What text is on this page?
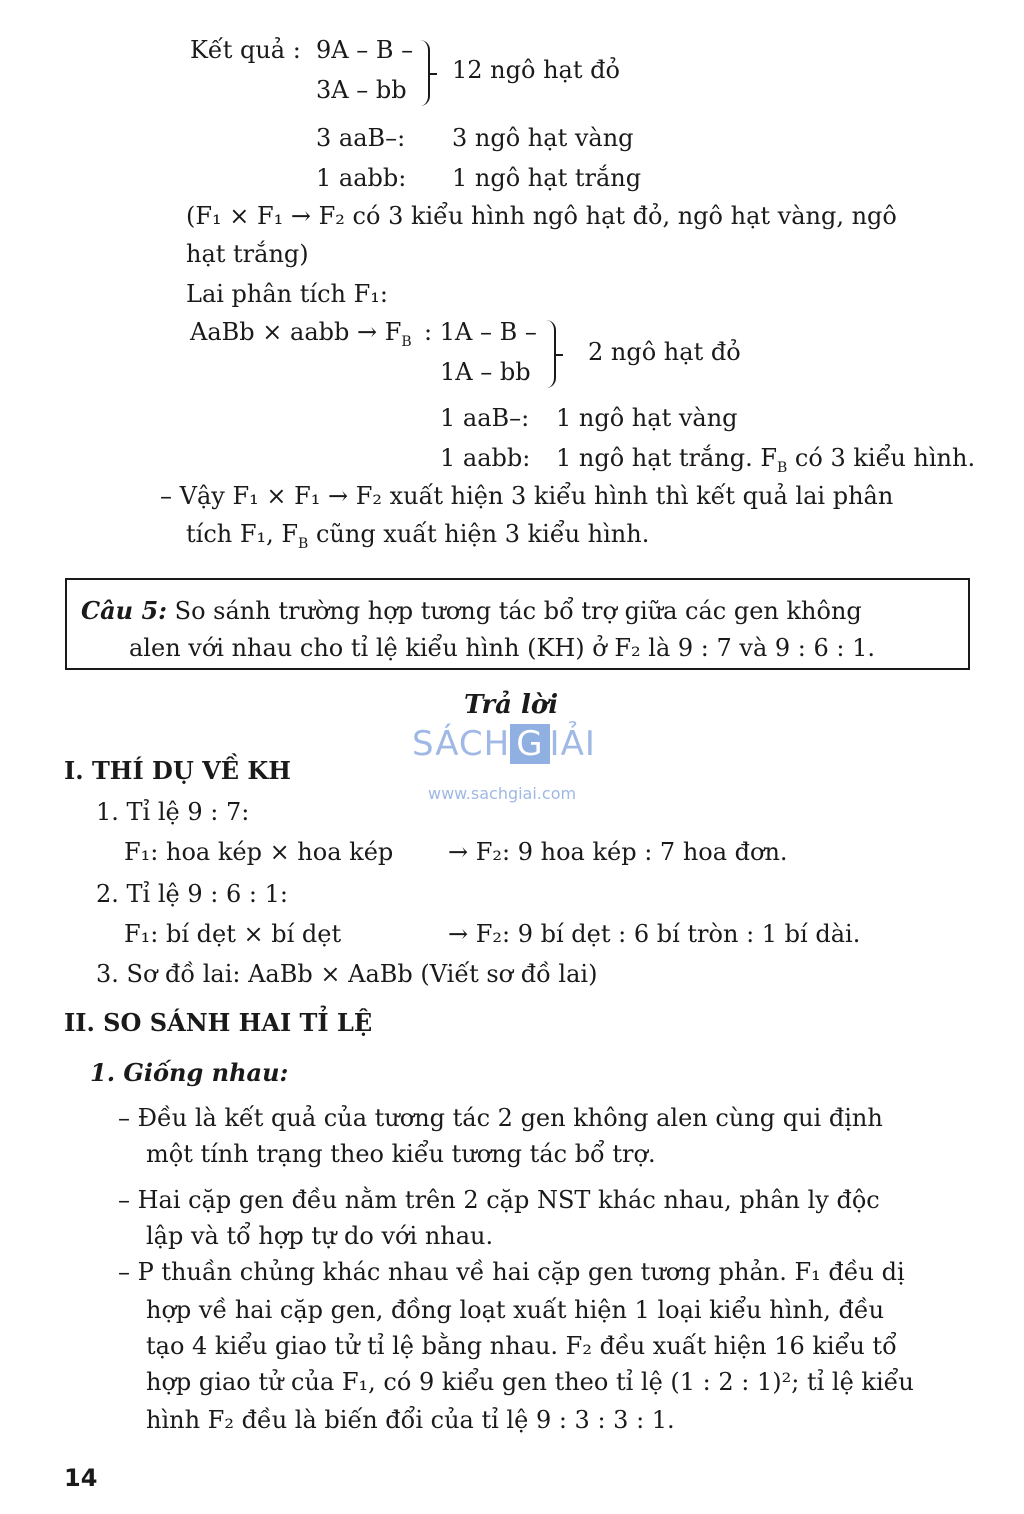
Kết quả : 9A – B –
3A – bb
12 ngô hạt đỏ
3 aaB–: 3 ngô hạt vàng
1 aabb: 1 ngô hạt trắng
(F₁ × F₁ → F₂ có 3 kiểu hình ngô hạt đỏ, ngô hạt vàng, ngô
hạt trắng)
Lai phân tích F₁:
AaBb × aabb → $F_B$ : 1A – B –
1A – bb
2 ngô hạt đỏ
1 aaB–: 1 ngô hạt vàng
1 aabb: 1 ngô hạt trắng. $F_B$ có 3 kiểu hình.
– Vậy F₁ × F₁ → F₂ xuất hiện 3 kiểu hình thì kết quả lai phân
tích F₁, $F_B$ cũng xuất hiện 3 kiểu hình.
Câu 5: So sánh trường hợp tương tác bổ trợ giữa các gen không
alen với nhau cho tỉ lệ kiểu hình (KH) ở F₂ là 9 : 7 và 9 : 6 : 1.
Trả lời
SÁCH G IẢI
www.sachgiai.com
I. THÍ DỤ VỀ KH
1. Tỉ lệ 9 : 7:
F₁: hoa kép × hoa kép → F₂: 9 hoa kép : 7 hoa đơn.
2. Tỉ lệ 9 : 6 : 1:
F₁: bí dẹt × bí dẹt	→ F₂: 9 bí dẹt : 6 bí tròn : 1 bí dài.
3. Sơ đồ lai: AaBb × AaBb (Viết sơ đồ lai)
II. SO SÁNH HAI TỈ LỆ
1. Giống nhau:
– Đều là kết quả của tương tác 2 gen không alen cùng qui định
một tính trạng theo kiểu tương tác bổ trợ.
– Hai cặp gen đều nằm trên 2 cặp NST khác nhau, phân ly độc
lập và tổ hợp tự do với nhau.
– P thuần chủng khác nhau về hai cặp gen tương phản. F₁ đều dị
hợp về hai cặp gen, đồng loạt xuất hiện 1 loại kiểu hình, đều
tạo 4 kiểu giao tử tỉ lệ bằng nhau. F₂ đều xuất hiện 16 kiểu tổ
hợp giao tử của F₁, có 9 kiểu gen theo tỉ lệ (1 : 2 : 1)²; tỉ lệ kiểu
hình F₂ đều là biến đổi của tỉ lệ 9 : 3 : 3 : 1.
14
